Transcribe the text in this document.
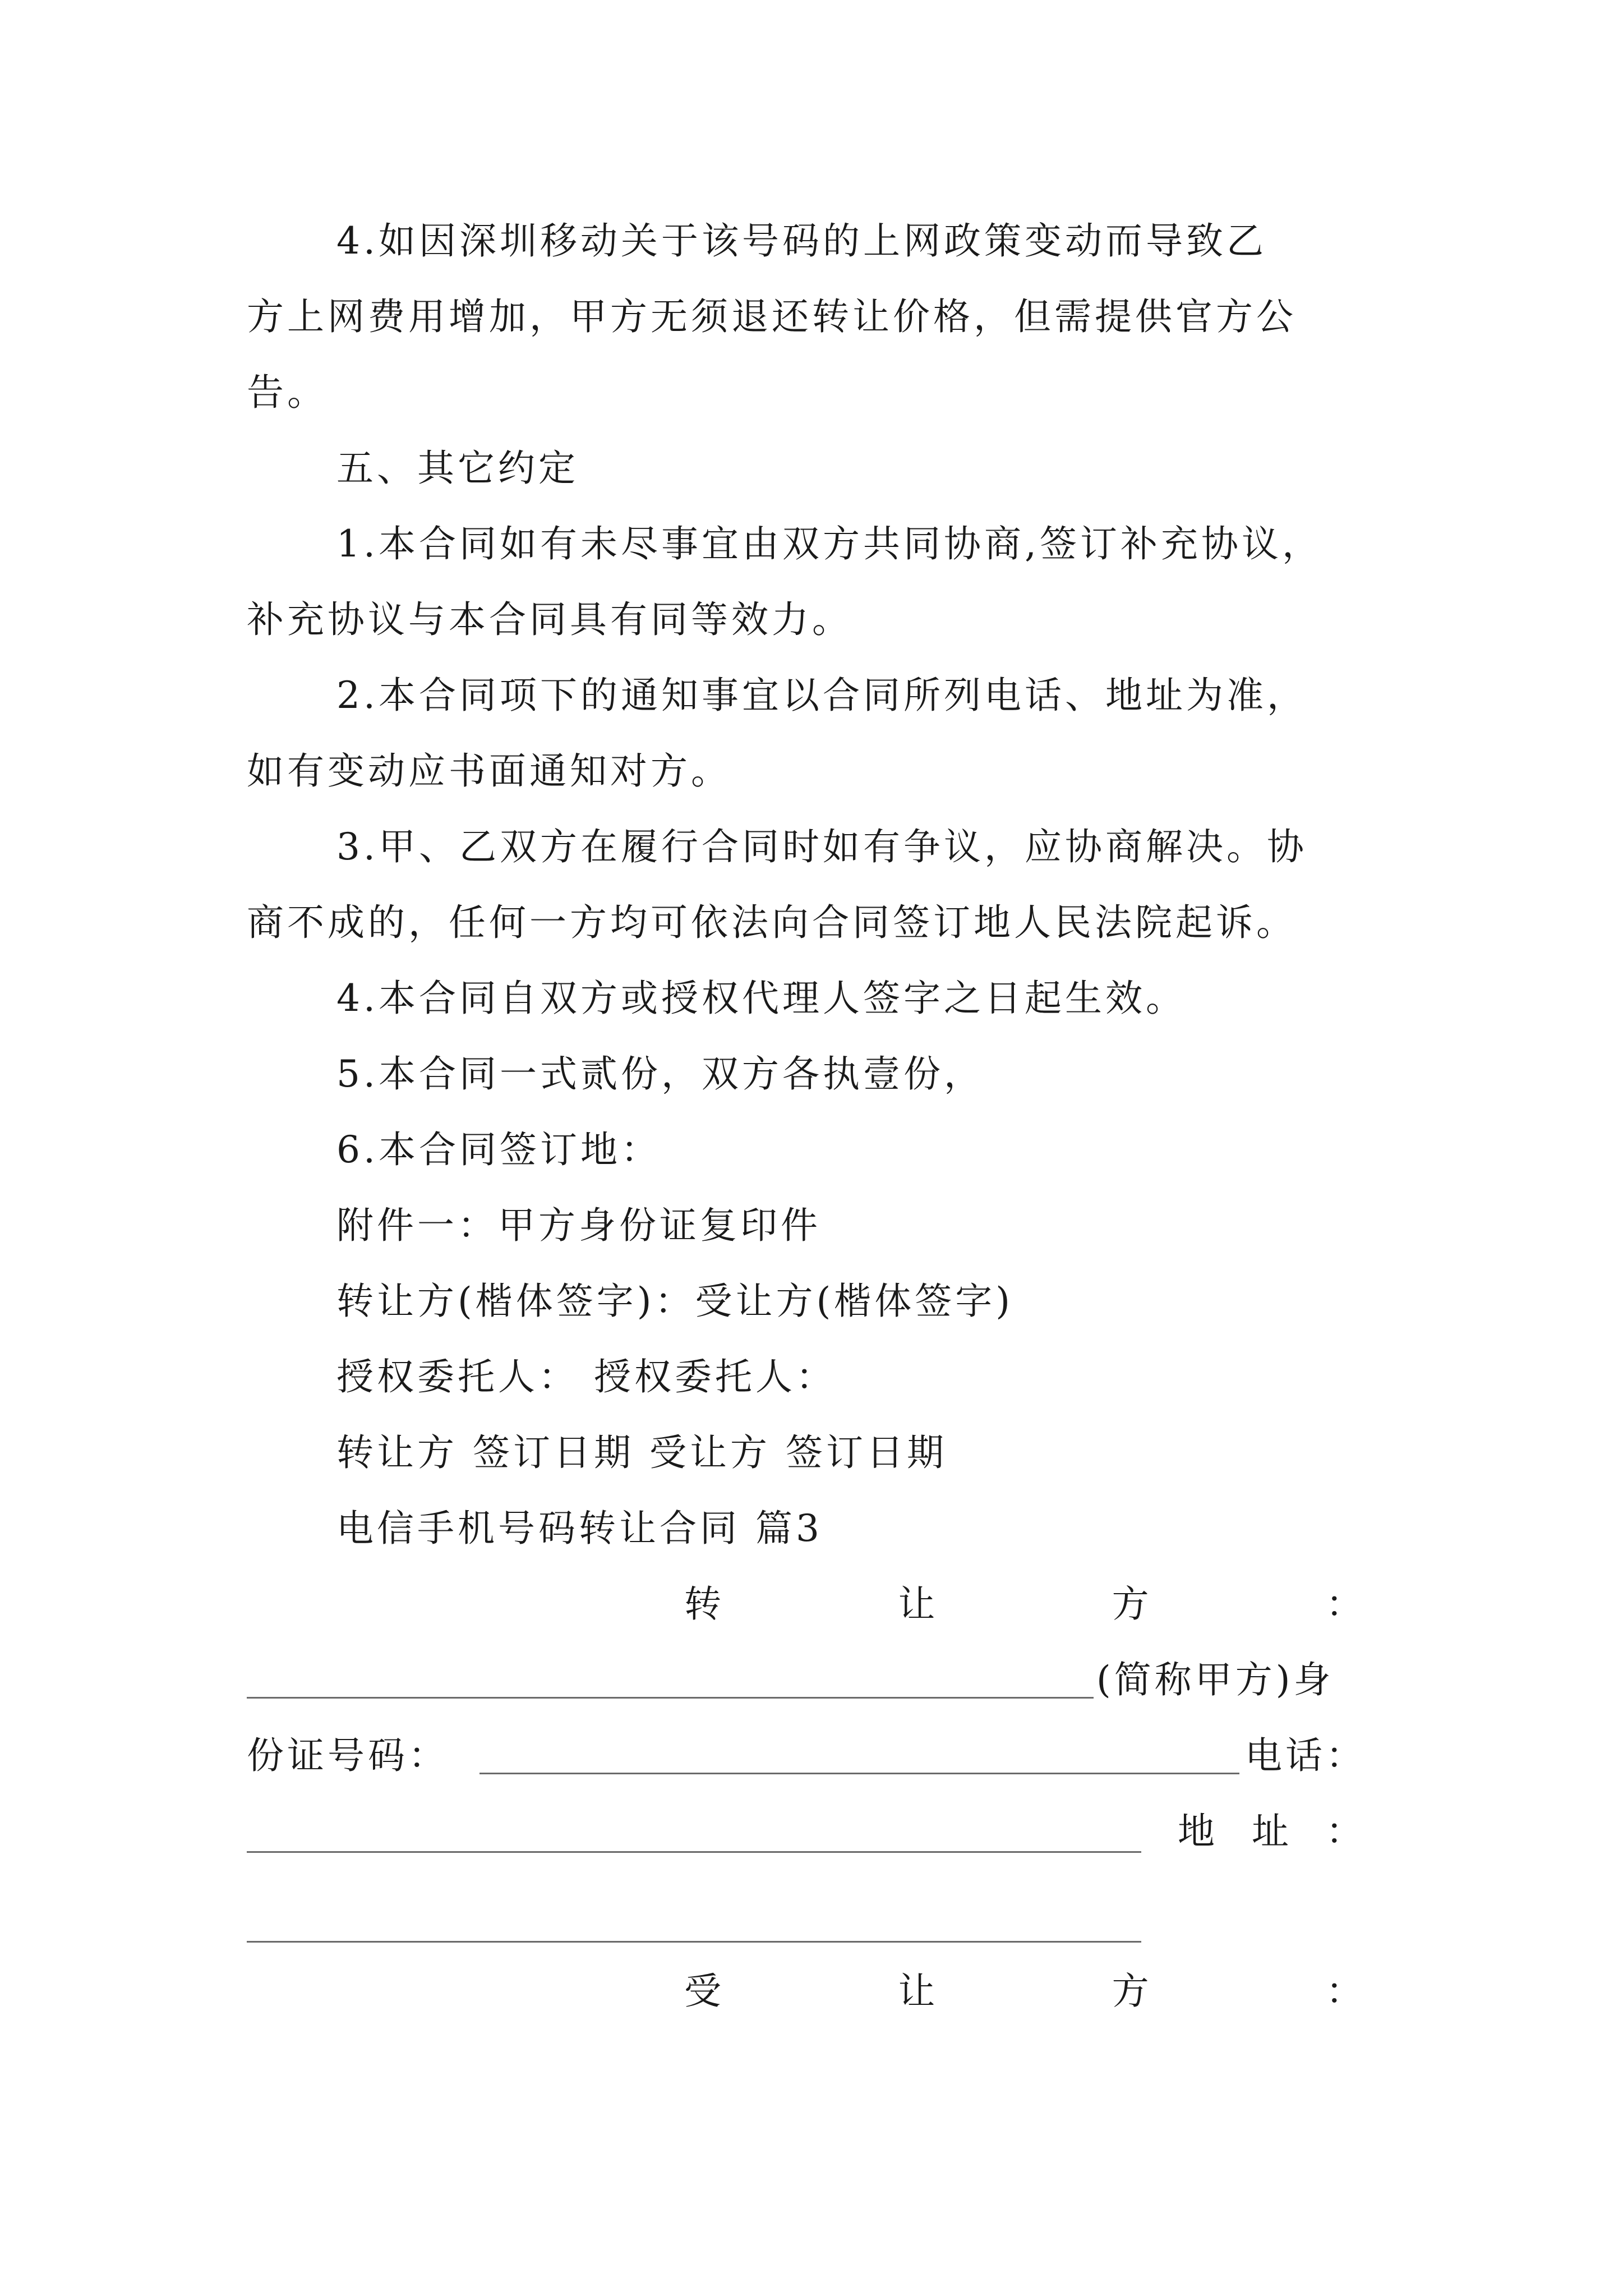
4.如因深圳移动关于该号码的上网政策变动而导致乙
方上网费用增加，甲方无须退还转让价格，但需提供官方公
告。
五、其它约定
1.本合同如有未尽事宜由双方共同协商,签订补充协议，
补充协议与本合同具有同等效力。
2.本合同项下的通知事宜以合同所列电话、地址为准，
如有变动应书面通知对方。
3.甲、乙双方在履行合同时如有争议，应协商解决。协
商不成的，任何一方均可依法向合同签订地人民法院起诉。
4.本合同自双方或授权代理人签字之日起生效。
5.本合同一式贰份，双方各执壹份，
6.本合同签订地：
附件一：甲方身份证复印件
转让方(楷体签字)：受让方(楷体签字)
授权委托人： 授权委托人：
转让方 签订日期 受让方 签订日期
电信手机号码转让合同 篇3
转	让	方	：
(简称甲方)身
份证号码：	电话：
地 址 ：
受	让	方	：
